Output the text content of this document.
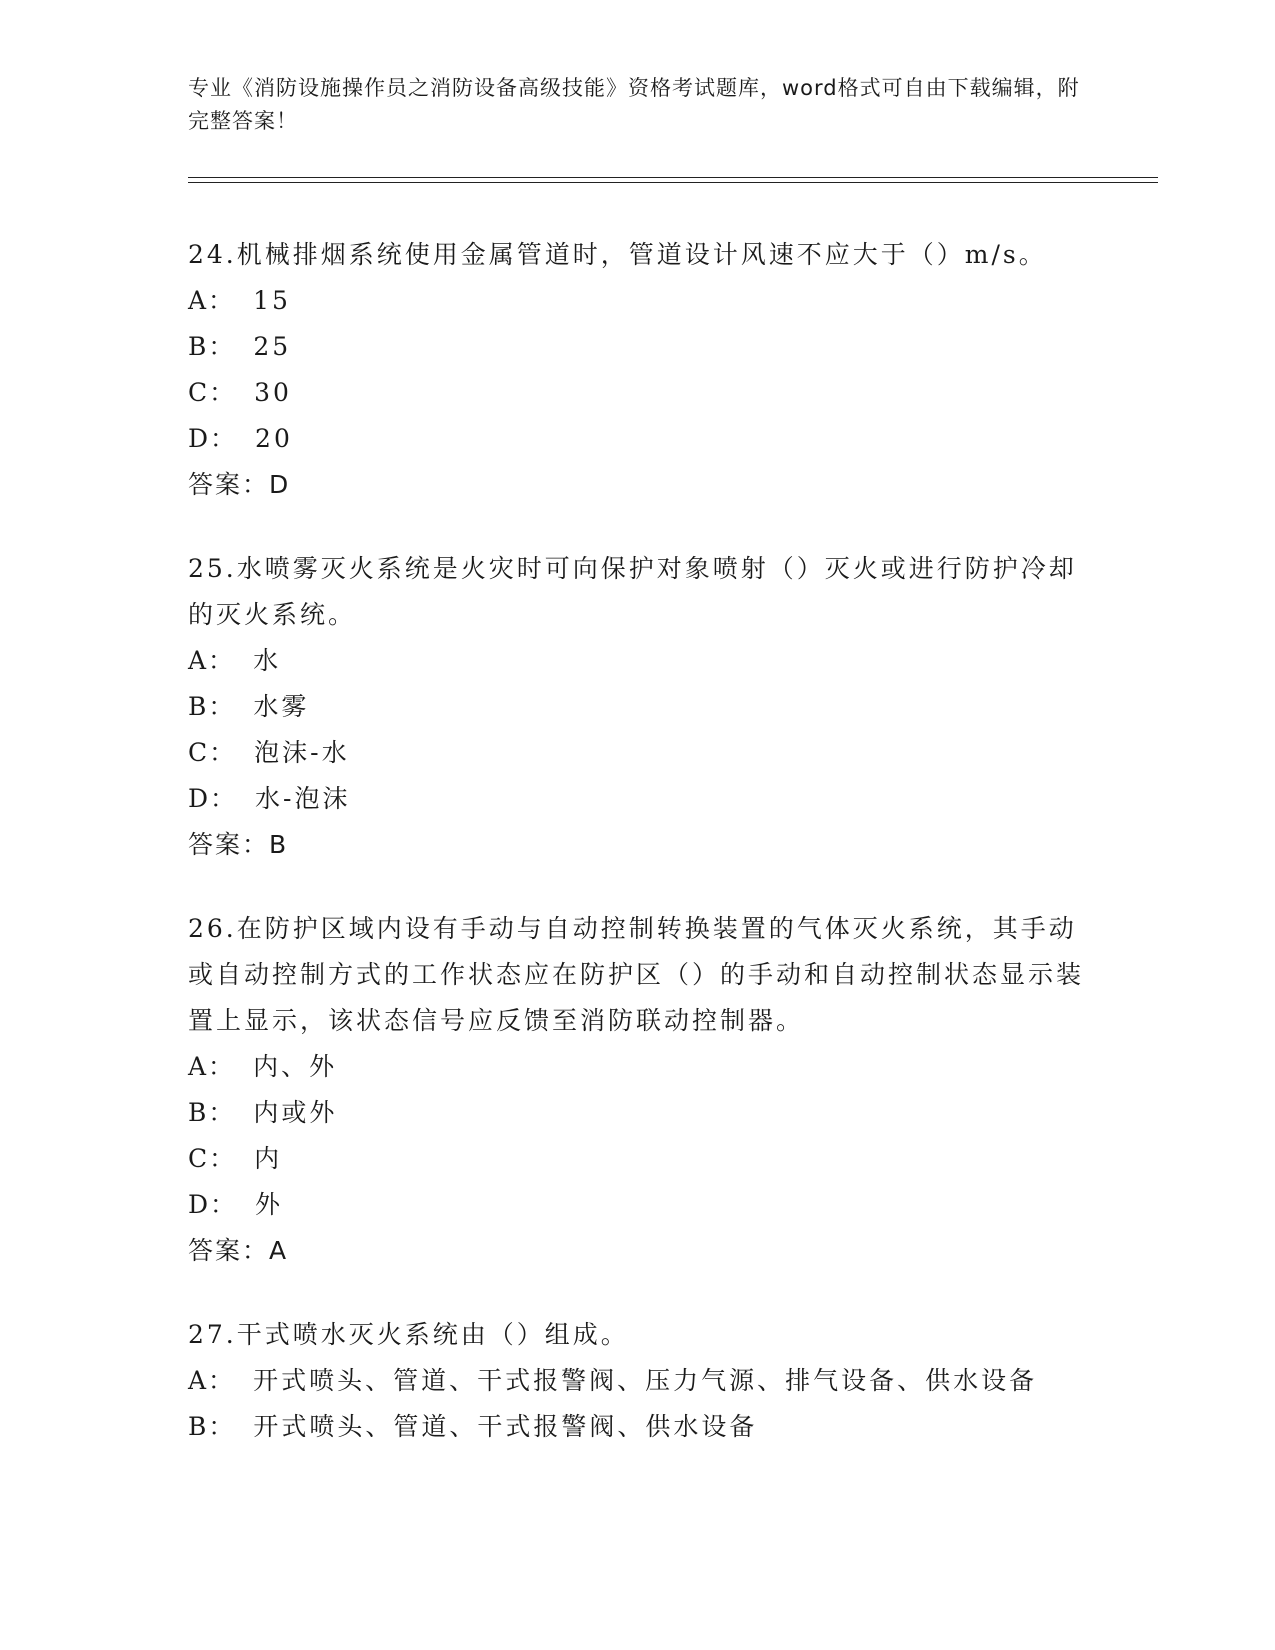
专业《消防设施操作员之消防设备高级技能》资格考试题库，word格式可自由下载编辑，附完整答案！

24.机械排烟系统使用金属管道时，管道设计风速不应大于（）m/s。

A： 15
B： 25
C： 30
D： 20
答案：D

25.水喷雾灭火系统是火灾时可向保护对象喷射（）灭火或进行防护冷却的灭火系统。

A： 水
B： 水雾
C： 泡沫-水
D： 水-泡沫
答案：B

26.在防护区域内设有手动与自动控制转换装置的气体灭火系统，其手动或自动控制方式的工作状态应在防护区（）的手动和自动控制状态显示装置上显示，该状态信号应反馈至消防联动控制器。

A： 内、外
B： 内或外
C： 内
D： 外
答案：A

27.干式喷水灭火系统由（）组成。

A： 开式喷头、管道、干式报警阀、压力气源、排气设备、供水设备
B： 开式喷头、管道、干式报警阀、供水设备
